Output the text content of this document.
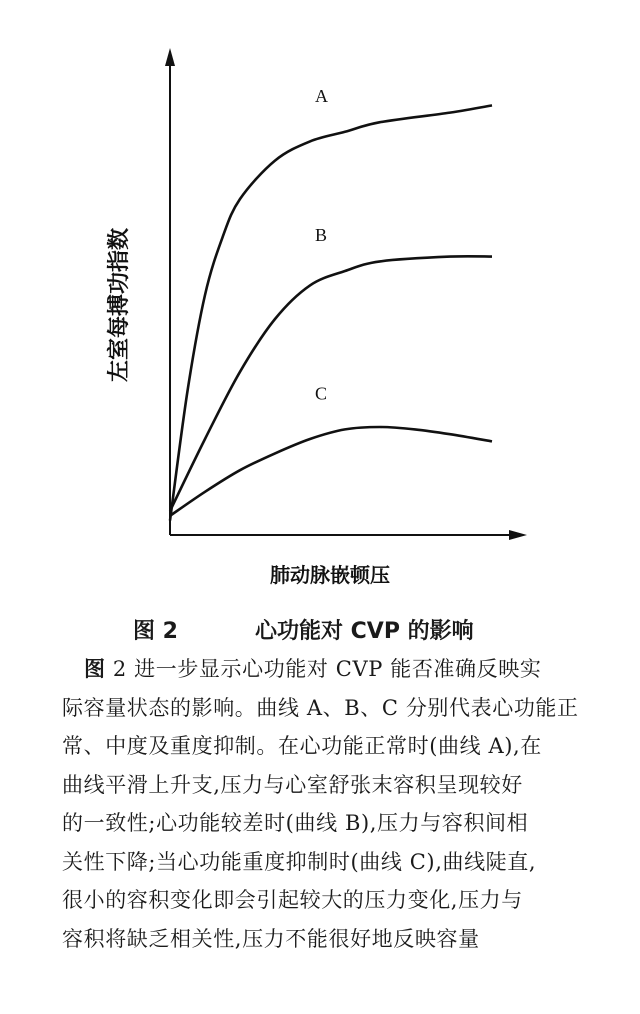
A
B
C
左室每搏功指数
肺动脉嵌顿压
图 2	心功能对 CVP 的影响
图 2 进一步显示心功能对 CVP 能否准确反映实
际容量状态的影响。曲线 A、B、C 分别代表心功能正
常、中度及重度抑制。在心功能正常时(曲线 A),在
曲线平滑上升支,压力与心室舒张末容积呈现较好
的一致性;心功能较差时(曲线 B),压力与容积间相
关性下降;当心功能重度抑制时(曲线 C),曲线陡直,
很小的容积变化即会引起较大的压力变化,压力与
容积将缺乏相关性,压力不能很好地反映容量
